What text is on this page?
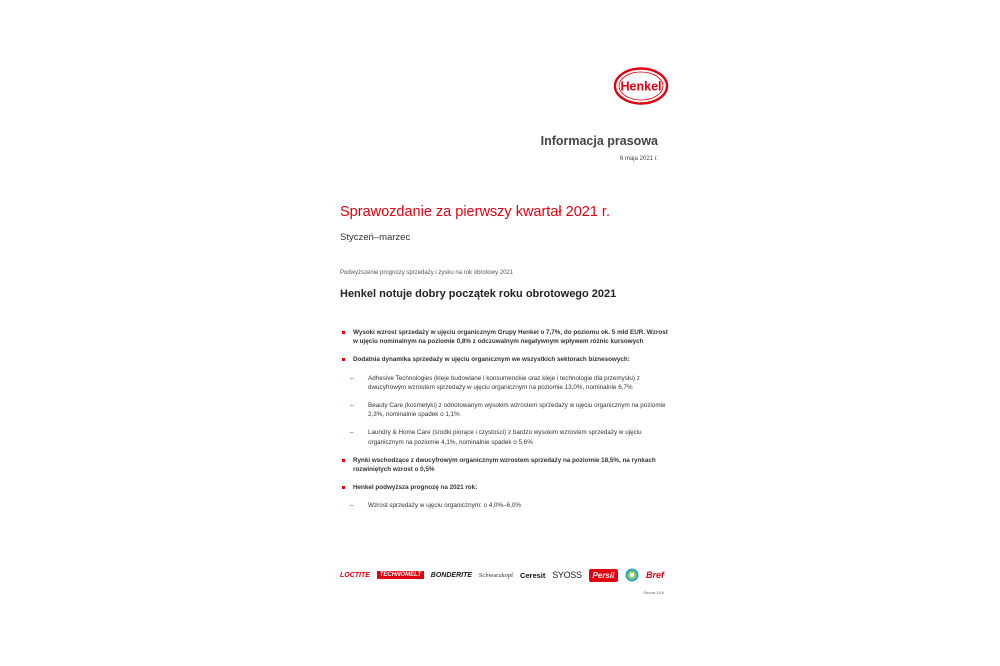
Henkel
Informacja prasowa
6 maja 2021 r.
Sprawozdanie za pierwszy kwartał 2021 r.
Styczeń–marzec
Podwyższenie prognozy sprzedaży i zysku na rok obrotowy 2021
Henkel notuje dobry początek roku obrotowego 2021
Wysoki wzrost sprzedaży w ujęciu organicznym Grupy Henkel o 7,7%, do poziomu ok. 5 mld EUR. Wzrost w ujęciu nominalnym na poziomie 0,8% z odczuwalnym negatywnym wpływem różnic kursowych
Dodatnia dynamika sprzedaży w ujęciu organicznym we wszystkich sektorach biznesowych:
– Adhesive Technologies (kleje budowlane i konsumenckie oraz kleje i technologie dla przemysłu) z dwucyfrowym wzrostem sprzedaży w ujęciu organicznym na poziomie 13,0%, nominalnie 6,7%
– Beauty Care (kosmetyki) z odnotowanym wysokim wzrostem sprzedaży w ujęciu organicznym na poziomie 2,3%, nominalnie spadek o 1,1%
– Laundry & Home Care (środki piorące i czystości) z bardzo wysokim wzrostem sprzedaży w ujęciu organicznym na poziomie 4,1%, nominalnie spadek o 5,6%
Rynki wschodzące z dwucyfrowym organicznym wzrostem sprzedaży na poziomie 18,5%, na rynkach rozwiniętych wzrost o 0,5%
Henkel podwyższa prognozę na 2021 rok:
– Wzrost sprzedaży w ujęciu organicznym: o 4,0%–6,0%
LOCTITE	TECHNOMELT	BONDERITE Schwarzkopf Ceresit SYOSS	Persil	Bref
Strona 1/16
